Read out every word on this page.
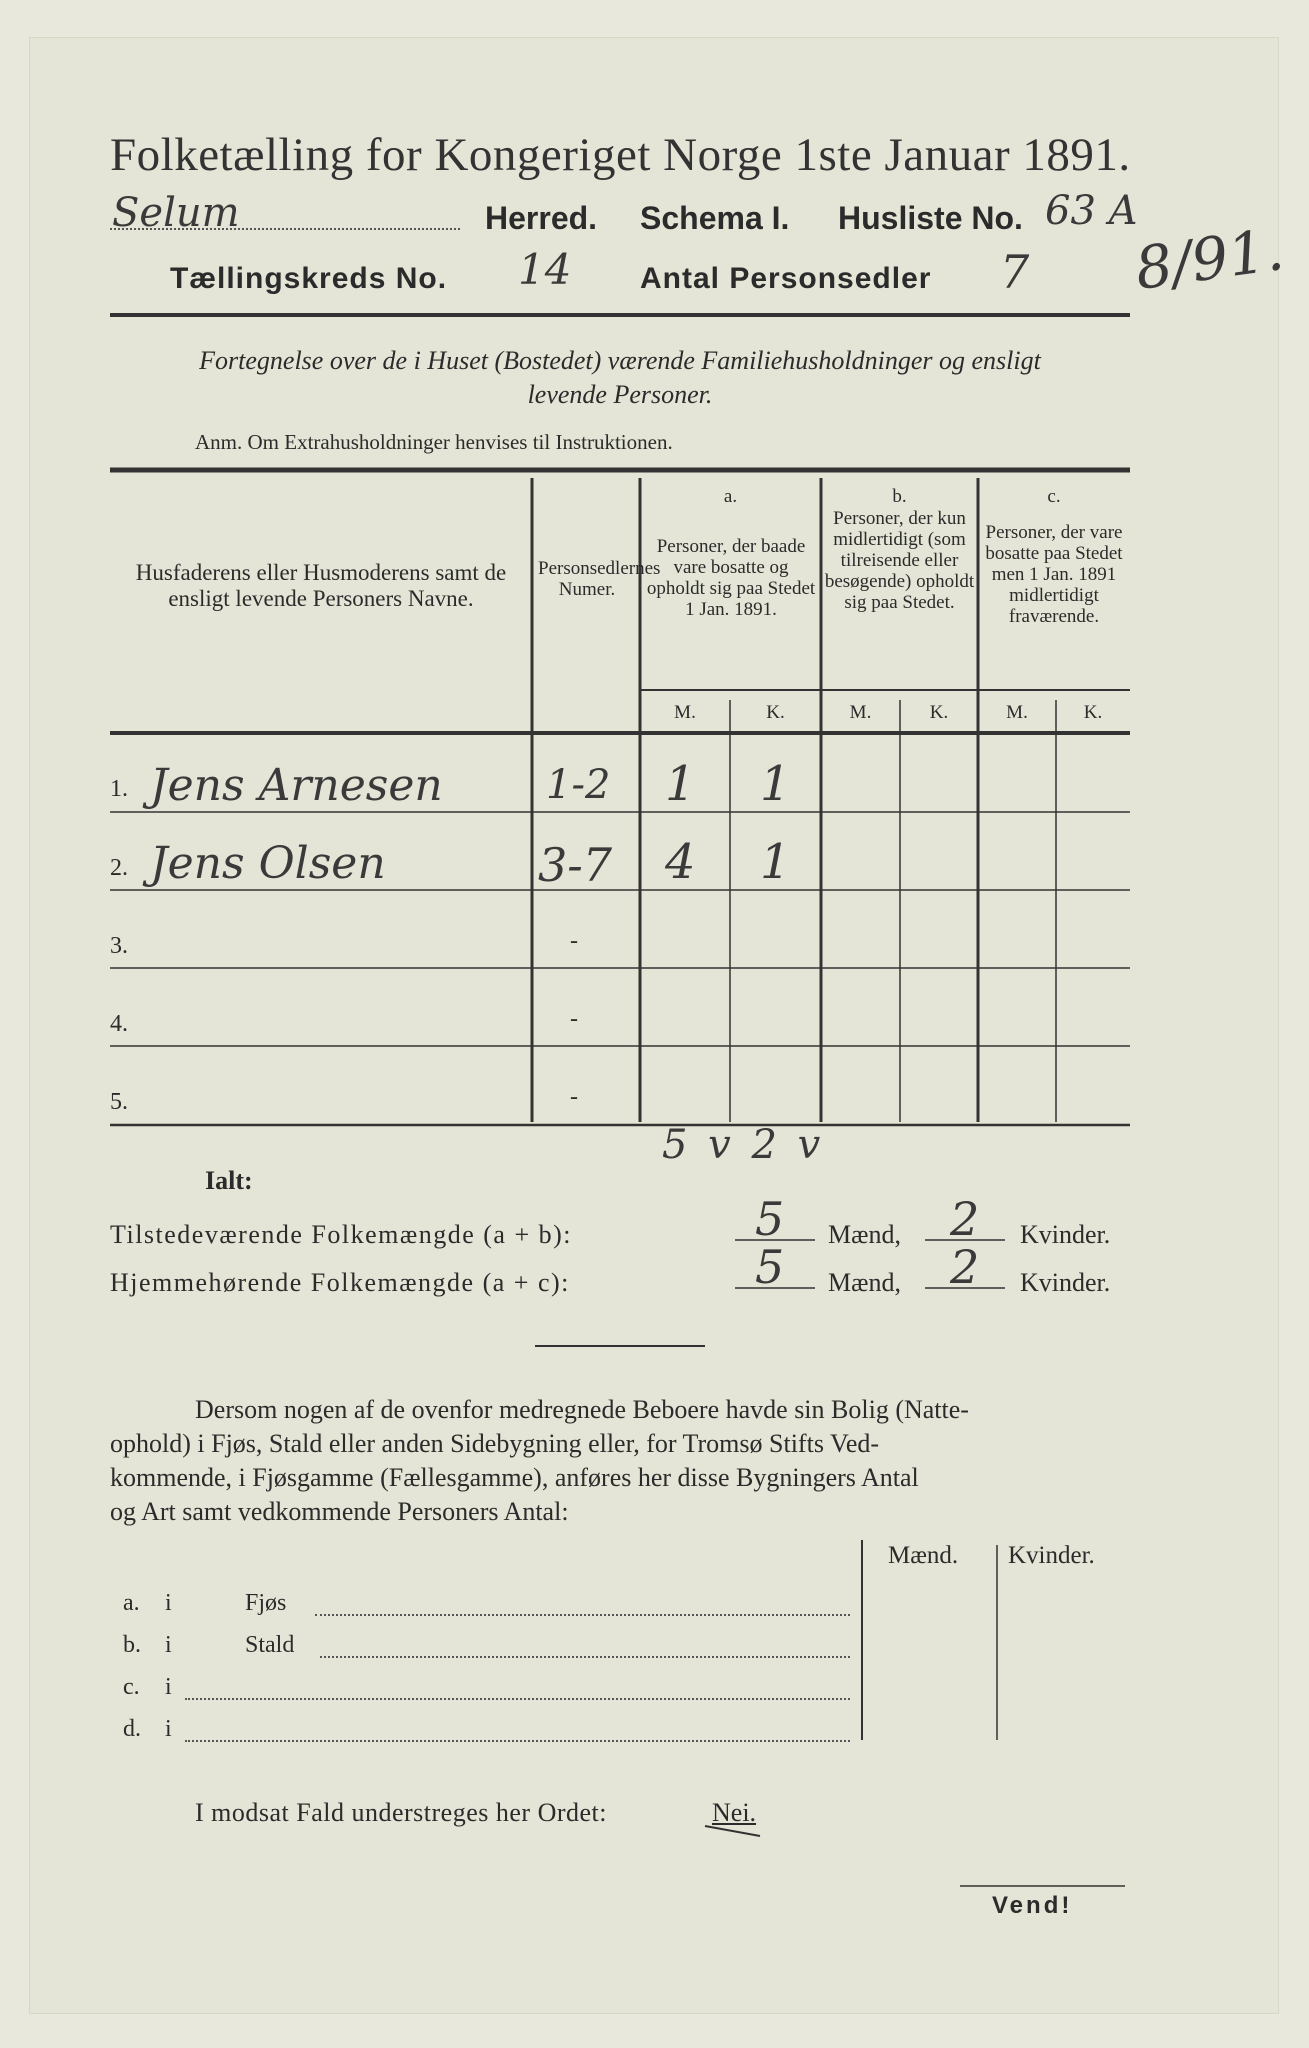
Folketælling for Kongeriget Norge 1ste Januar 1891.
Selum	Herred. Schema I. Husliste No. 63 A
8/91.
Tællingskreds No. 14 Antal Personsedler 7
Fortegnelse over de i Huset (Bostedet) værende Familiehusholdninger og ensligt
levende Personer.
Anm. Om Extrahusholdninger henvises til Instruktionen.
Husfaderens eller Husmoderens samt de ensligt levende Personers Navne.
Personsedlernes Numer.
a.
Personer, der baade vare bosatte og opholdt sig paa Stedet 1 Jan. 1891.
b.
Personer, der kun midlertidigt (som tilreisende eller besøgende) opholdt sig paa Stedet.
c.
Personer, der vare bosatte paa Stedet men 1 Jan. 1891 midlertidigt fraværende.
M.	K.	M.	K.	M.	K.
1. Jens Arnesen	1-2 1 1
2. Jens Olsen	3-7 4 1
3.	-
4.	-
5.	-
5 v 2 v
Ialt:
Tilstedeværende Folkemængde (a + b):	5 Mænd, 2 Kvinder.
Hjemmehørende Folkemængde (a + c):	5 Mænd, 2 Kvinder.
Dersom nogen af de ovenfor medregnede Beboere havde sin Bolig (Natte-
ophold) i Fjøs, Stald eller anden Sidebygning eller, for Tromsø Stifts Ved-
kommende, i Fjøsgamme (Fællesgamme), anføres her disse Bygningers Antal
og Art samt vedkommende Personers Antal:
Mænd. Kvinder.
a. i	Fjøs
b. i	Stald
c. i
d. i
I modsat Fald understreges her Ordet:	Nei.
Vend!
